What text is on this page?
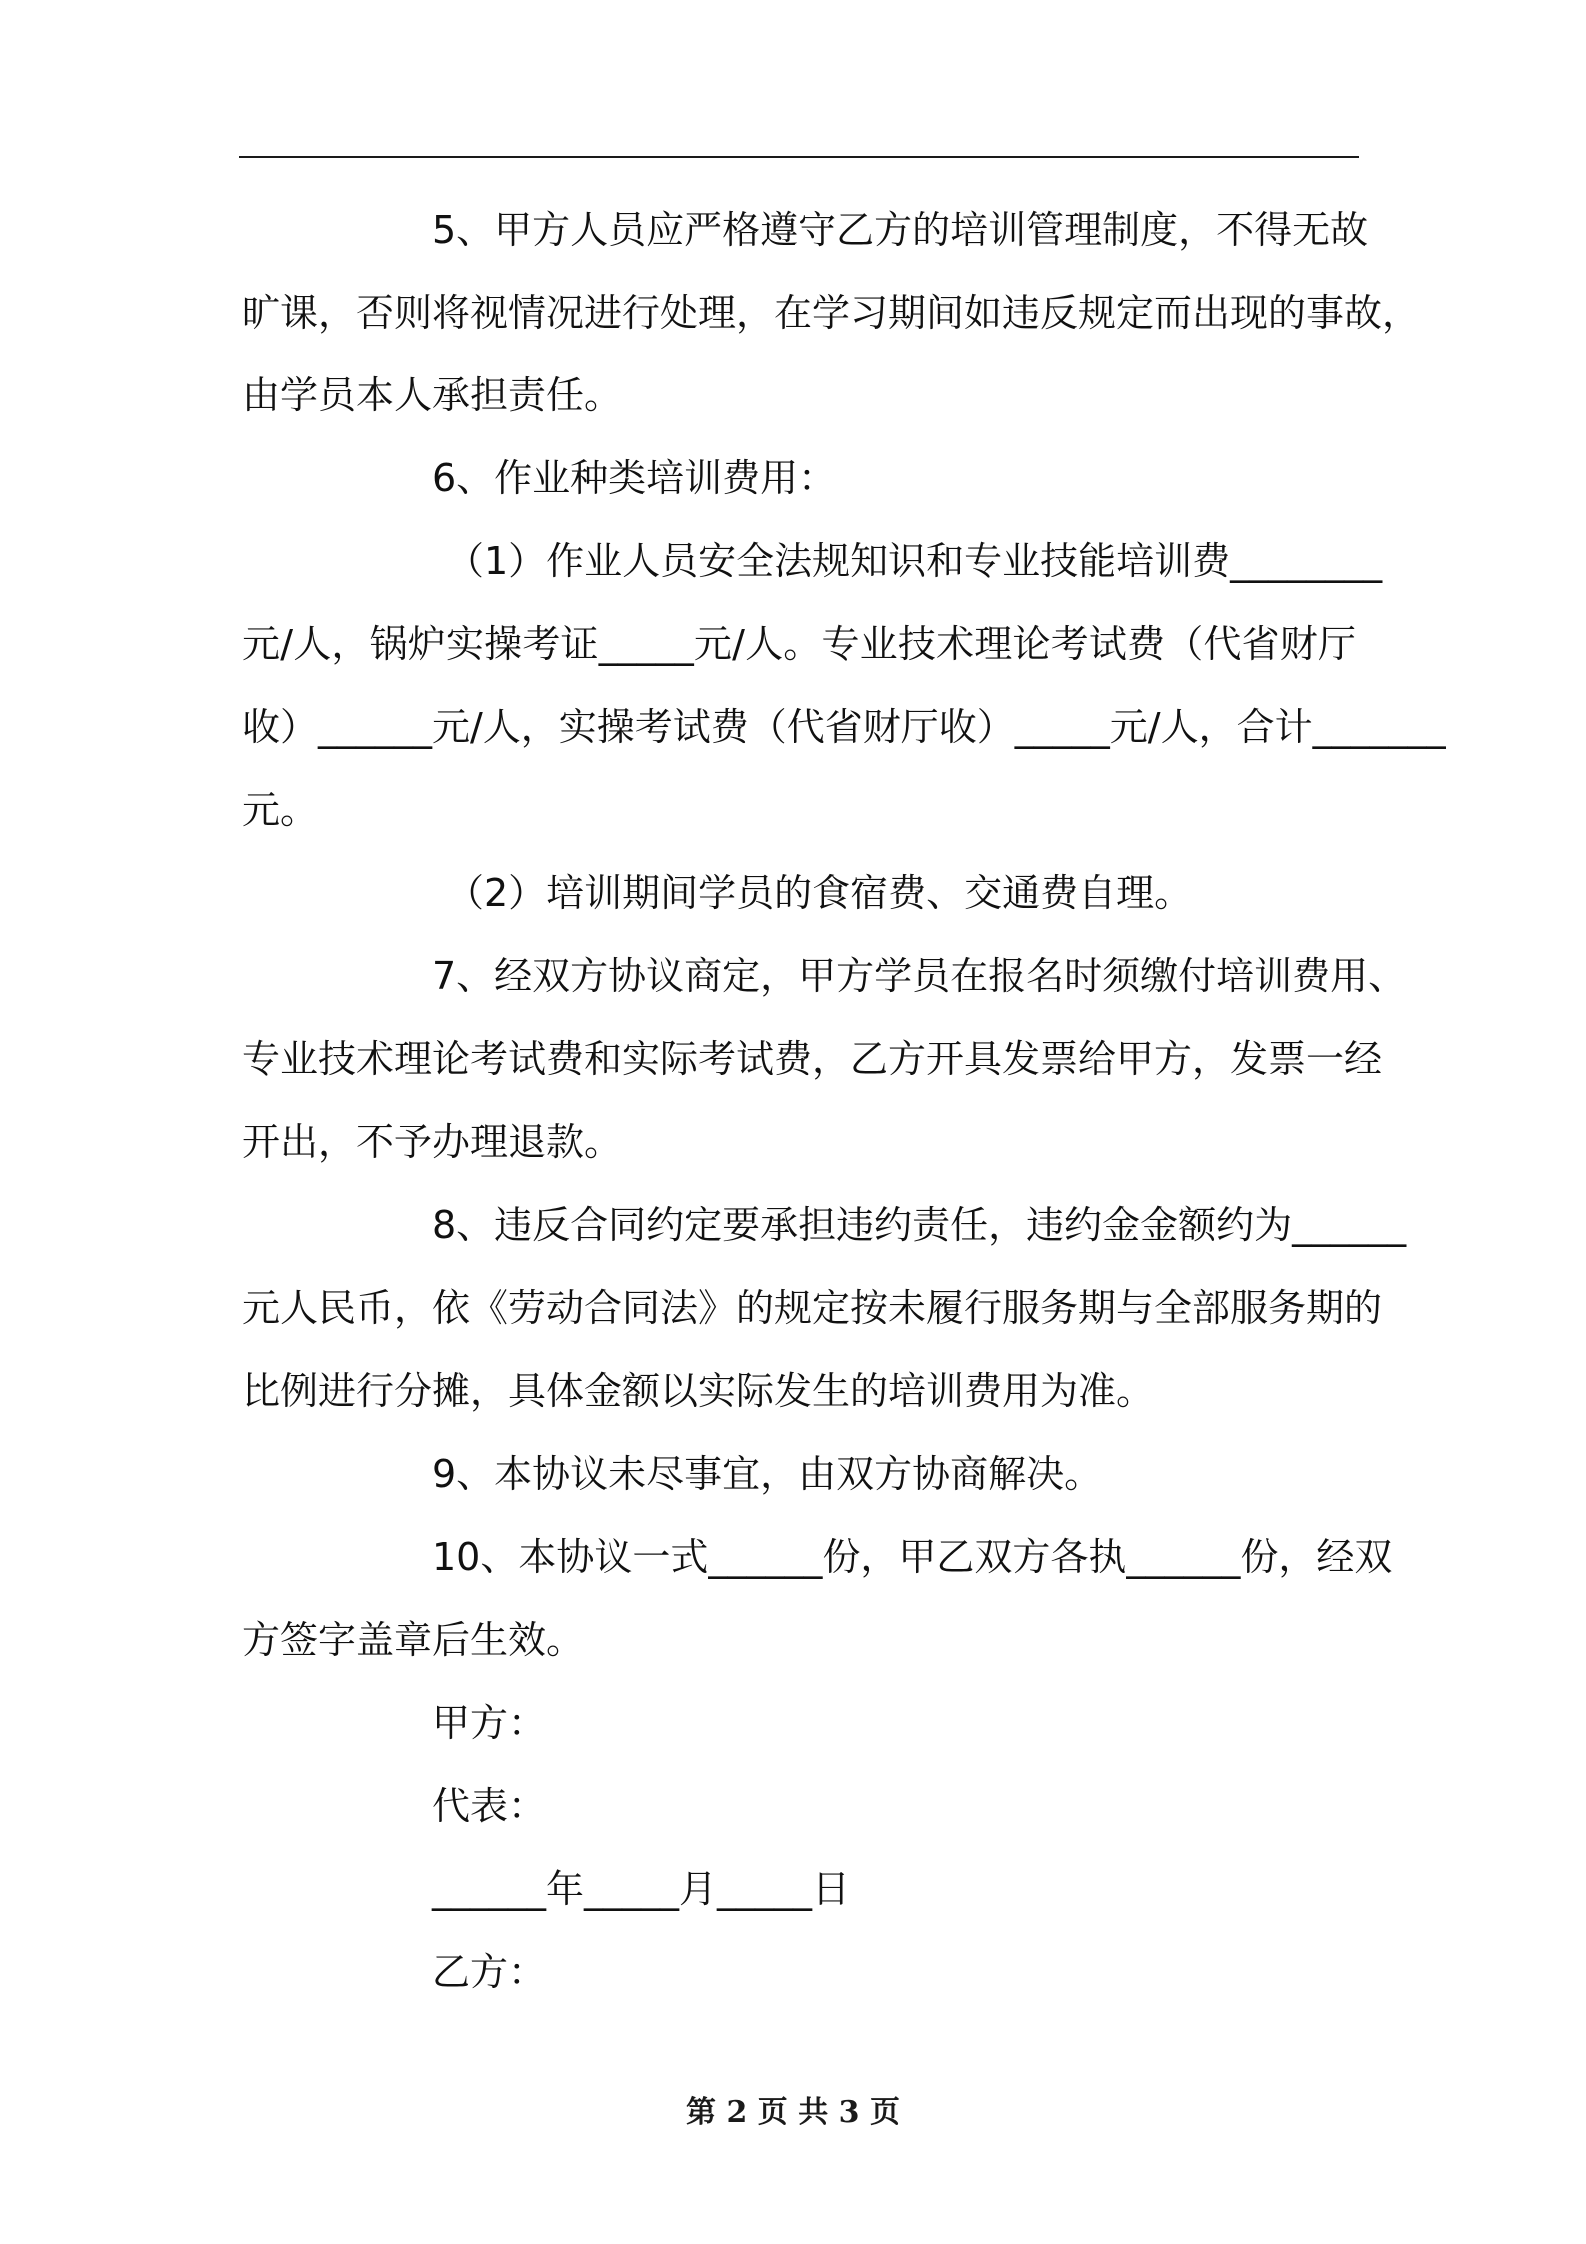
5、甲方人员应严格遵守乙方的培训管理制度，不得无故
旷课，否则将视情况进行处理，在学习期间如违反规定而出现的事故，
由学员本人承担责任。
6、作业种类培训费用：
（1）作业人员安全法规知识和专业技能培训费________
元/人，锅炉实操考证_____元/人。专业技术理论考试费（代省财厅
收）______元/人，实操考试费（代省财厅收）_____元/人，合计_______
元。
（2）培训期间学员的食宿费、交通费自理。
7、经双方协议商定，甲方学员在报名时须缴付培训费用、
专业技术理论考试费和实际考试费，乙方开具发票给甲方，发票一经
开出，不予办理退款。
8、违反合同约定要承担违约责任，违约金金额约为______
元人民币，依《劳动合同法》的规定按未履行服务期与全部服务期的
比例进行分摊，具体金额以实际发生的培训费用为准。
9、本协议未尽事宜，由双方协商解决。
10、本协议一式______份，甲乙双方各执______份，经双
方签字盖章后生效。
甲方：
代表：
______年_____月_____日
乙方：
第 2 页 共 3 页
